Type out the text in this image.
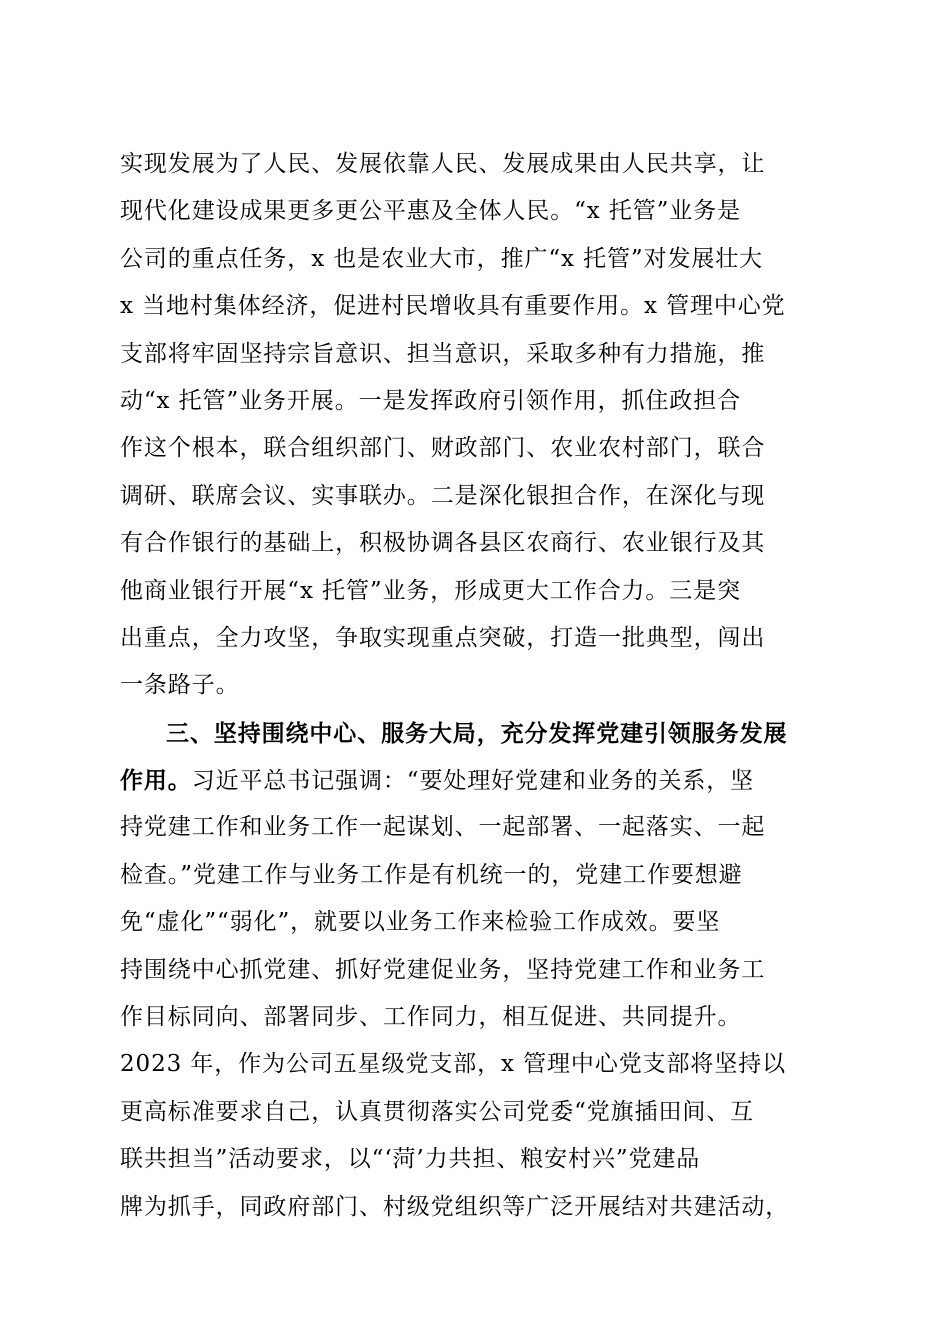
实现发展为了人民、发展依靠人民、发展成果由人民共享，让
现代化建设成果更多更公平惠及全体人民。“x 托管”业务是
公司的重点任务，x 也是农业大市，推广“x 托管”对发展壮大
x 当地村集体经济，促进村民增收具有重要作用。x 管理中心党
支部将牢固坚持宗旨意识、担当意识，采取多种有力措施，推
动“x 托管”业务开展。一是发挥政府引领作用，抓住政担合
作这个根本，联合组织部门、财政部门、农业农村部门，联合
调研、联席会议、实事联办。二是深化银担合作，在深化与现
有合作银行的基础上，积极协调各县区农商行、农业银行及其
他商业银行开展“x 托管”业务，形成更大工作合力。三是突
出重点，全力攻坚，争取实现重点突破，打造一批典型，闯出
一条路子。
三、坚持围绕中心、服务大局，充分发挥党建引领服务发展
作用。习近平总书记强调：“要处理好党建和业务的关系，坚
持党建工作和业务工作一起谋划、一起部署、一起落实、一起
检查。”党建工作与业务工作是有机统一的，党建工作要想避
免“虚化”“弱化”，就要以业务工作来检验工作成效。要坚
持围绕中心抓党建、抓好党建促业务，坚持党建工作和业务工
作目标同向、部署同步、工作同力，相互促进、共同提升。
2023 年，作为公司五星级党支部，x 管理中心党支部将坚持以
更高标准要求自己，认真贯彻落实公司党委“党旗插田间、互
联共担当”活动要求，以“‘菏’力共担、粮安村兴”党建品
牌为抓手，同政府部门、村级党组织等广泛开展结对共建活动，
